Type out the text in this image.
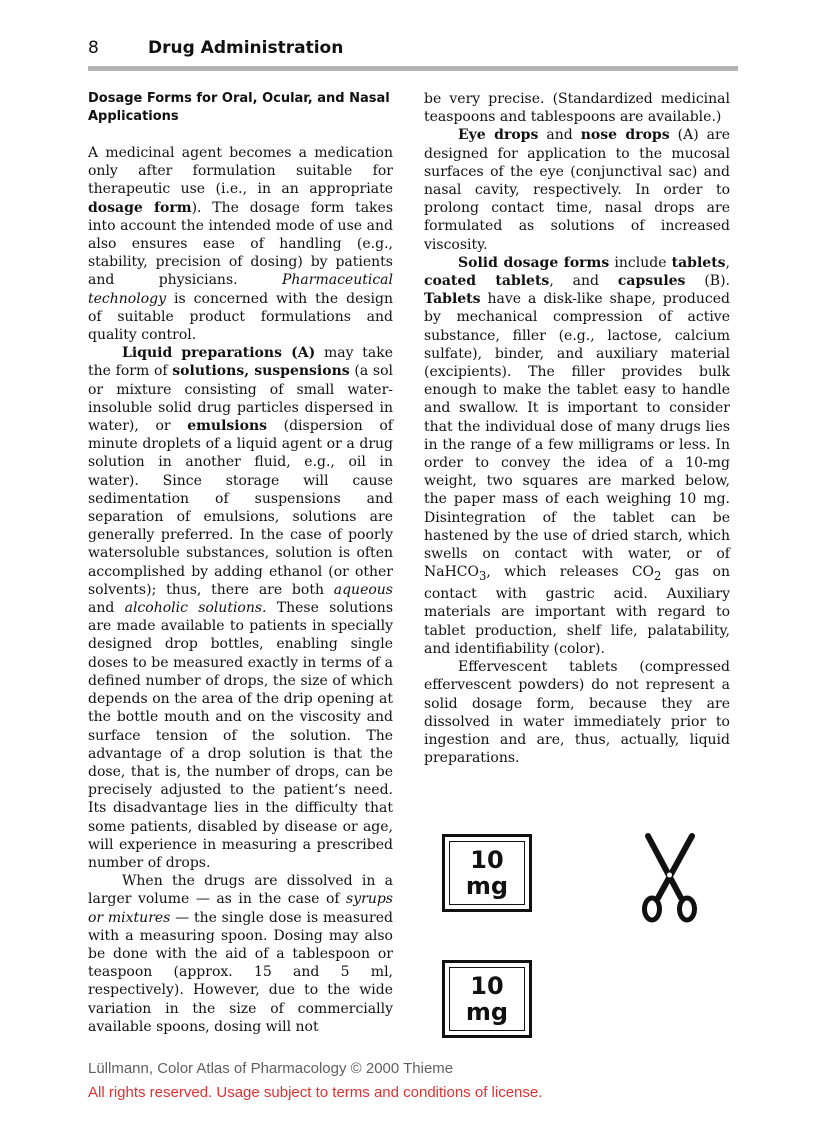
8	Drug Administration
Dosage Forms for Oral, Ocular, and Nasal Applications

A medicinal agent becomes a medication only after formulation suitable for therapeutic use (i.e., in an appropriate dosage form). The dosage form takes into account the intended mode of use and also ensures ease of handling (e.g., stability, precision of dosing) by patients and physicians. Pharmaceutical technology is concerned with the design of suitable product formulations and quality control.

Liquid preparations (A) may take the form of solutions, suspensions (a sol or mixture consisting of small water-insoluble solid drug particles dispersed in water), or emulsions (dispersion of minute droplets of a liquid agent or a drug solution in another fluid, e.g., oil in water). Since storage will cause sedimentation of suspensions and separation of emulsions, solutions are generally preferred. In the case of poorly watersoluble substances, solution is often accomplished by adding ethanol (or other solvents); thus, there are both aqueous and alcoholic solutions. These solutions are made available to patients in specially designed drop bottles, enabling single doses to be measured exactly in terms of a defined number of drops, the size of which depends on the area of the drip opening at the bottle mouth and on the viscosity and surface tension of the solution. The advantage of a drop solution is that the dose, that is, the number of drops, can be precisely adjusted to the patient‘s need. Its disadvantage lies in the difficulty that some patients, disabled by disease or age, will experience in measuring a prescribed number of drops.

When the drugs are dissolved in a larger volume — as in the case of syrups or mixtures — the single dose is measured with a measuring spoon. Dosing may also be done with the aid of a tablespoon or teaspoon (approx. 15 and 5 ml, respectively). However, due to the wide variation in the size of commercially available spoons, dosing will not

be very precise. (Standardized medicinal teaspoons and tablespoons are available.)

Eye drops and nose drops (A) are designed for application to the mucosal surfaces of the eye (conjunctival sac) and nasal cavity, respectively. In order to prolong contact time, nasal drops are formulated as solutions of increased viscosity.

Solid dosage forms include tablets, coated tablets, and capsules (B). Tablets have a disk-like shape, produced by mechanical compression of active substance, filler (e.g., lactose, calcium sulfate), binder, and auxiliary material (excipients). The filler provides bulk enough to make the tablet easy to handle and swallow. It is important to consider that the individual dose of many drugs lies in the range of a few milligrams or less. In order to convey the idea of a 10-mg weight, two squares are marked below, the paper mass of each weighing 10 mg. Disintegration of the tablet can be hastened by the use of dried starch, which swells on contact with water, or of NaHCO$_3$, which releases $CO_2$ gas on contact with gastric acid. Auxiliary materials are important with regard to tablet production, shelf life, palatability, and identifiability (color).

Effervescent tablets (compressed effervescent powders) do not represent a solid dosage form, because they are dissolved in water immediately prior to ingestion and are, thus, actually, liquid preparations.

10
mg
10
mg
Lüllmann, Color Atlas of Pharmacology © 2000 Thieme
All rights reserved. Usage subject to terms and conditions of license.
